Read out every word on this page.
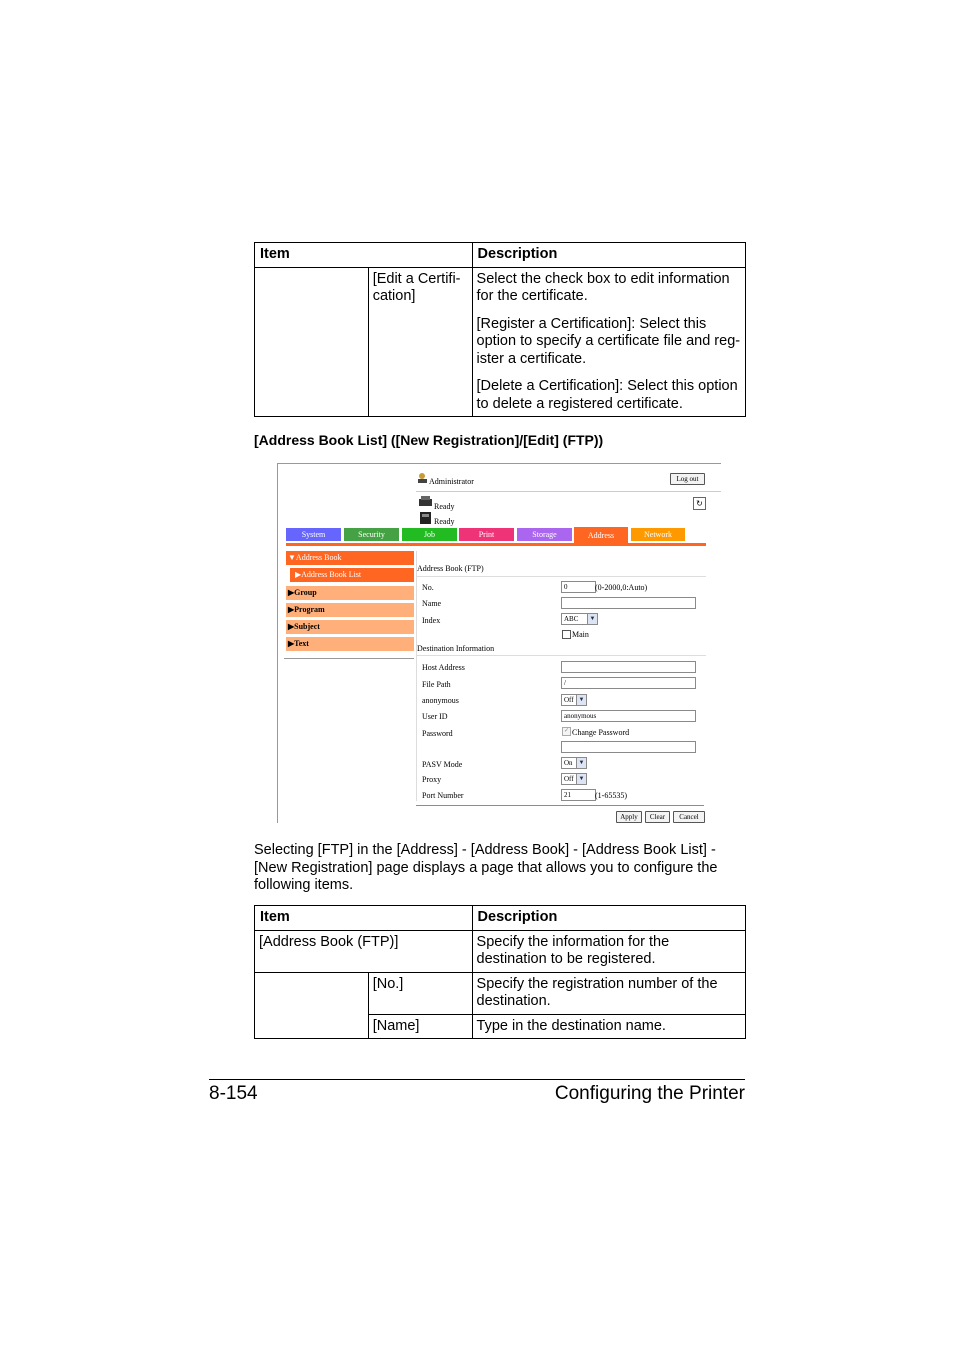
Item		Description
	[Edit a Certifi-cation]	Select the check box to edit information for the certificate.

[Register a Certification]: Select this option to specify a certificate file and reg-ister a certificate.

[Delete a Certification]: Select this option to delete a registered certificate.

[Address Book List] ([New Registration]/[Edit] (FTP))
Administrator	Log out
Ready
Ready
↻
System	Security	Job	Print	Storage	Address	Network
▼Address Book
▶Address Book List
▶Group
▶Program
▶Subject
▶Text
Address Book (FTP)
No.	0	(0-2000,0:Auto)
Name
Index	ABC	▼
Main
Destination Information
Host Address
File Path	/
anonymous	Off ▼
User ID	anonymous
Password	✓ Change Password
PASV Mode	On ▼
Proxy	Off ▼
Port Number	21	(1-65535)
Apply	Clear	Cancel
Selecting [FTP] in the [Address] - [Address Book] - [Address Book List] - [New Registration] page displays a page that allows you to configure the following items.
Item		Description
[Address Book (FTP)]		Specify the information for the destination to be registered.
	[No.]	Specify the registration number of the destination.
	[Name]	Type in the destination name.
8-154	Configuring the Printer
